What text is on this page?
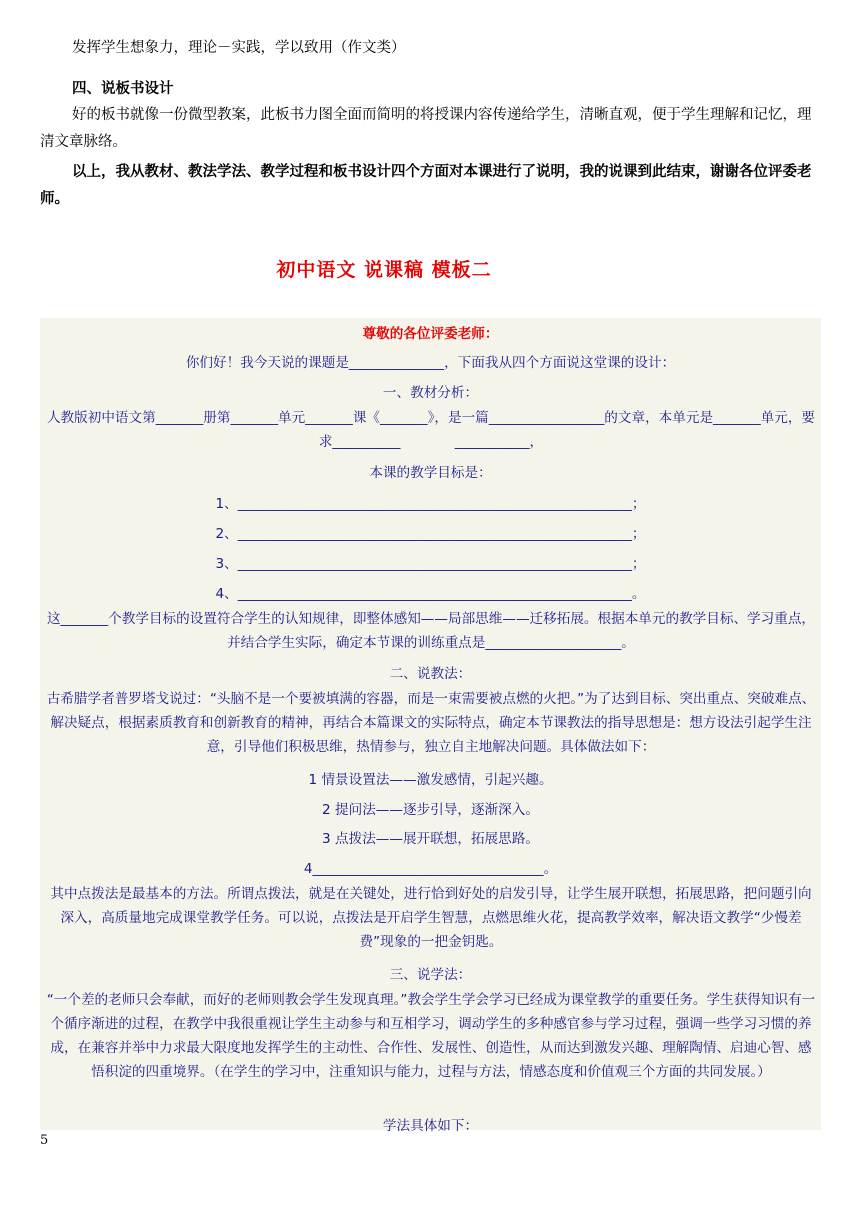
发挥学生想象力，理论－实践，学以致用（作文类）

四、说板书设计

好的板书就像一份微型教案，此板书力图全面而简明的将授课内容传递给学生，清晰直观，便于学生理解和记忆，理清文章脉络。

以上，我从教材、教法学法、教学过程和板书设计四个方面对本课进行了说明，我的说课到此结束，谢谢各位评委老师。

初中语文 说课稿 模板二
尊敬的各位评委老师：
你们好！我今天说的课题是______________，下面我从四个方面说这堂课的设计：
一、教材分析：
人教版初中语文第_______册第_______单元_______课《_______》，是一篇_________________的文章，本单元是_______单元，要求__________　　　　___________，
本课的教学目标是：
1、__________________________________________________________；
2、__________________________________________________________；
3、__________________________________________________________；
4、__________________________________________________________。
这_______个教学目标的设置符合学生的认知规律，即整体感知——局部思维——迁移拓展。根据本单元的教学目标、学习重点，并结合学生实际，确定本节课的训练重点是____________________。
二、说教法：
古希腊学者普罗塔戈说过：“头脑不是一个要被填满的容器，而是一束需要被点燃的火把。”为了达到目标、突出重点、突破难点、解决疑点，根据素质教育和创新教育的精神，再结合本篇课文的实际特点，确定本节课教法的指导思想是：想方设法引起学生注意，引导他们积极思维，热情参与，独立自主地解决问题。具体做法如下：
1 情景设置法——激发感情，引起兴趣。
2 提问法——逐步引导，逐渐深入。
3 点拨法——展开联想，拓展思路。
4__________________________________。
其中点拨法是最基本的方法。所谓点拨法，就是在关键处，进行恰到好处的启发引导，让学生展开联想，拓展思路，把问题引向深入，高质量地完成课堂教学任务。可以说，点拨法是开启学生智慧，点燃思维火花，提高教学效率，解决语文教学“少慢差费”现象的一把金钥匙。
三、说学法：
“一个差的老师只会奉献，而好的老师则教会学生发现真理。”教会学生学会学习已经成为课堂教学的重要任务。学生获得知识有一个循序渐进的过程，在教学中我很重视让学生主动参与和互相学习，调动学生的多种感官参与学习过程，强调一些学习习惯的养成，在兼容并举中力求最大限度地发挥学生的主动性、合作性、发展性、创造性，从而达到激发兴趣、理解陶情、启迪心智、感悟积淀的四重境界。（在学生的学习中，注重知识与能力，过程与方法，情感态度和价值观三个方面的共同发展。）
学法具体如下：
5
